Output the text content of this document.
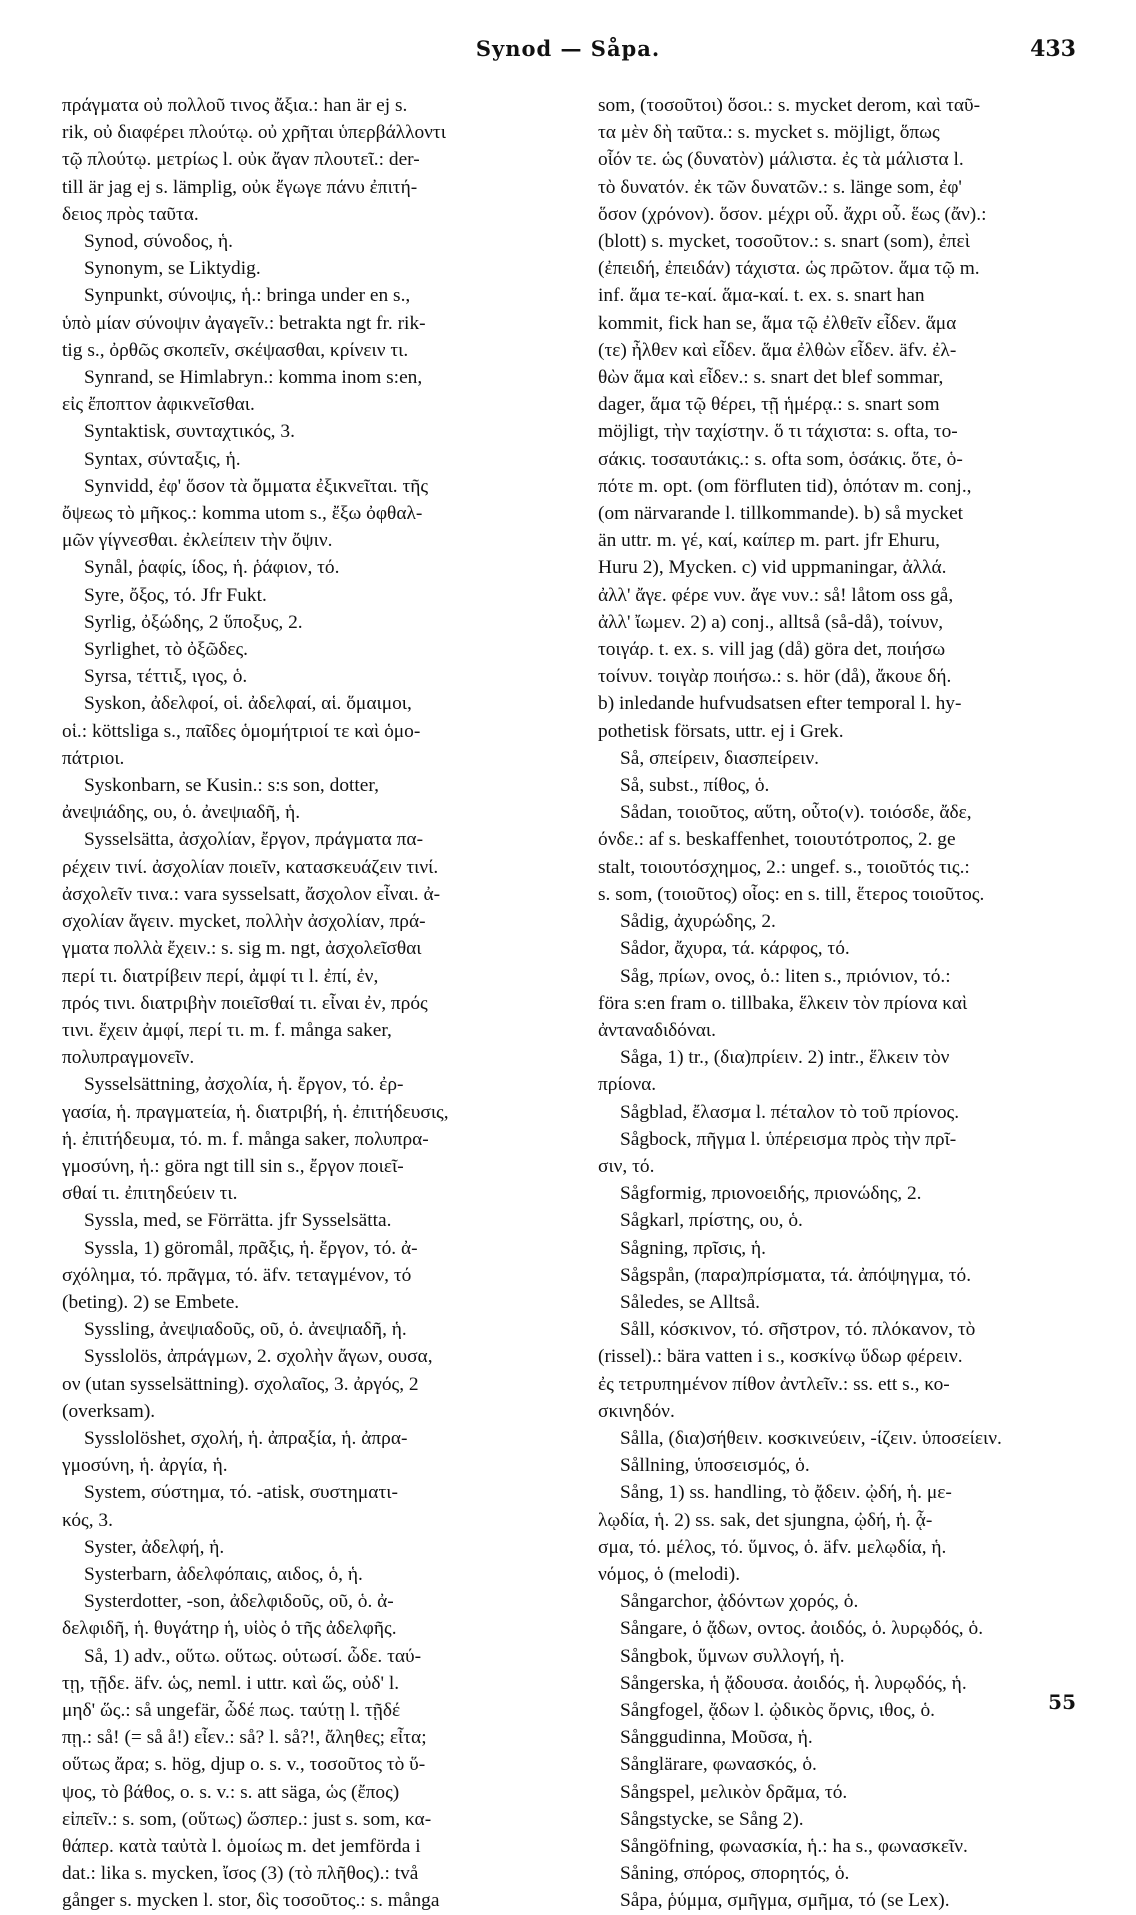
Synod — Såpa.	433
πράγματα οὐ πολλοῦ τινος ἄξια.: han är ej s.
rik, οὐ διαφέρει πλούτῳ. οὐ χρῆται ὑπερβάλλοντι
τῷ πλούτῳ. μετρίως l. οὐκ ἄγαν πλουτεῖ.: der-
till är jag ej s. lämplig, οὐκ ἔγωγε πάνυ ἐπιτή-
δειος πρὸς ταῦτα.
Synod, σύνοδος, ἡ.
Synonym, se Liktydig.
Synpunkt, σύνοψις, ἡ.: bringa under en s.,
ὑπὸ μίαν σύνοψιν ἀγαγεῖν.: betrakta ngt fr. rik-
tig s., ὀρθῶς σκοπεῖν, σκέψασθαι, κρίνειν τι.
Synrand, se Himlabryn.: komma inom s:en,
εἰς ἔποπτον ἀφικνεῖσθαι.
Syntaktisk, συνταχτικός, 3.
Syntax, σύνταξις, ἡ.
Synvidd, ἐφ' ὅσον τὰ ὄμματα ἐξικνεῖται. τῆς
ὄψεως τὸ μῆκος.: komma utom s., ἔξω ὀφθαλ-
μῶν γίγνεσθαι. ἐκλείπειν τὴν ὄψιν.
Synål, ῥαφίς, ίδος, ἡ. ῥάφιον, τό.
Syre, ὄξος, τό. Jfr Fukt.
Syrlig, ὀξώδης, 2 ὕποξυς, 2.
Syrlighet, τὸ ὀξῶδες.
Syrsa, τέττιξ, ιγος, ὁ.
Syskon, ἀδελφοί, οἱ. ἀδελφαί, αἱ. ὅμαιμοι,
οἱ.: köttsliga s., παῖδες ὁμομήτριοί τε καὶ ὁμο-
πάτριοι.
Syskonbarn, se Kusin.: s:s son, dotter,
ἀνεψιάδης, ου, ὁ. ἀνεψιαδῆ, ἡ.
Sysselsätta, ἀσχολίαν, ἔργον, πράγματα πα-
ρέχειν τινί. ἀσχολίαν ποιεῖν, κατασκευάζειν τινί.
ἀσχολεῖν τινα.: vara sysselsatt, ἄσχολον εἶναι. ἀ-
σχολίαν ἄγειν. mycket, πολλὴν ἀσχολίαν, πρά-
γματα πολλὰ ἔχειν.: s. sig m. ngt, ἀσχολεῖσθαι
περί τι. διατρίβειν περί, ἀμφί τι l. ἐπί, ἐν,
πρός τινι. διατριβὴν ποιεῖσθαί τι. εἶναι ἐν, πρός
τινι. ἔχειν ἀμφί, περί τι. m. f. många saker,
πολυπραγμονεῖν.
Sysselsättning, ἀσχολία, ἡ. ἔργον, τό. ἐρ-
γασία, ἡ. πραγματεία, ἡ. διατριβή, ἡ. ἐπιτήδευσις,
ἡ. ἐπιτήδευμα, τό. m. f. många saker, πολυπρα-
γμοσύνη, ἡ.: göra ngt till sin s., ἔργον ποιεῖ-
σθαί τι. ἐπιτηδεύειν τι.
Syssla, med, se Förrätta. jfr Sysselsätta.
Syssla, 1) göromål, πρᾶξις, ἡ. ἔργον, τό. ἀ-
σχόλημα, τό. πρᾶγμα, τό. äfv. τεταγμένον, τό
(beting). 2) se Embete.
Syssling, ἀνεψιαδοῦς, οῦ, ὁ. ἀνεψιαδῆ, ἡ.
Sysslolös, ἀπράγμων, 2. σχολὴν ἄγων, ουσα,
ον (utan sysselsättning). σχολαῖος, 3. ἀργός, 2
(overksam).
Sysslolöshet, σχολή, ἡ. ἀπραξία, ἡ. ἀπρα-
γμοσύνη, ἡ. ἀργία, ἡ.
System, σύστημα, τό. -atisk, συστηματι-
κός, 3.
Syster, ἀδελφή, ἡ.
Systerbarn, ἀδελφόπαις, αιδος, ὁ, ἡ.
Systerdotter, -son, ἀδελφιδοῦς, οῦ, ὁ. ἀ-
δελφιδῆ, ἡ. θυγάτηρ ἡ, υἱὸς ὁ τῆς ἀδελφῆς.
Så, 1) adv., οὕτω. οὕτως. οὑτωσί. ὧδε. ταύ-
τῃ, τῇδε. äfv. ὡς, neml. i uttr. καὶ ὥς, οὐδ' l.
μηδ' ὥς.: så ungefär, ὧδέ πως. ταύτῃ l. τῇδέ
πῃ.: så! (= så å!) εἶεν.: så? l. så?!, ἄληθες; εἶτα;
οὕτως ἄρα; s. hög, djup o. s. v., τοσοῦτος τὸ ὕ-
ψος, τὸ βάθος, o. s. v.: s. att säga, ὡς (ἔπος)
εἰπεῖν.: s. som, (οὕτως) ὥσπερ.: just s. som, κα-
θάπερ. κατὰ ταὐτὰ l. ὁμοίως m. det jemförda i
dat.: lika s. mycken, ἴσος (3) (τὸ πλῆθος).: två
gånger s. mycken l. stor, δὶς τοσοῦτος.: s. många
som, (τοσοῦτοι) ὅσοι.: s. mycket derom, καὶ ταῦ-
τα μὲν δὴ ταῦτα.: s. mycket s. möjligt, ὅπως
οἷόν τε. ὡς (δυνατὸν) μάλιστα. ἐς τὰ μάλιστα l.
τὸ δυνατόν. ἐκ τῶν δυνατῶν.: s. länge som, ἐφ'
ὅσον (χρόνον). ὅσον. μέχρι οὗ. ἄχρι οὗ. ἕως (ἄν).:
(blott) s. mycket, τοσοῦτον.: s. snart (som), ἐπεὶ
(ἐπειδή, ἐπειδάν) τάχιστα. ὡς πρῶτον. ἅμα τῷ m.
inf. ἅμα τε-καί. ἅμα-καί. t. ex. s. snart han
kommit, fick han se, ἅμα τῷ ἐλθεῖν εἶδεν. ἅμα
(τε) ἦλθεν καὶ εἶδεν. ἅμα ἐλθὼν εἶδεν. äfv. ἐλ-
θὼν ἅμα καὶ εἶδεν.: s. snart det blef sommar,
dager, ἅμα τῷ θέρει, τῇ ἡμέρᾳ.: s. snart som
möjligt, τὴν ταχίστην. ὅ τι τάχιστα: s. ofta, το-
σάκις. τοσαυτάκις.: s. ofta som, ὁσάκις. ὅτε, ὁ-
πότε m. opt. (om förfluten tid), ὁπόταν m. conj.,
(om närvarande l. tillkommande). b) så mycket
än uttr. m. γέ, καί, καίπερ m. part. jfr Ehuru,
Huru 2), Mycken. c) vid uppmaningar, ἀλλά.
ἀλλ' ἄγε. φέρε νυν. ἄγε νυν.: så! låtom oss gå,
ἀλλ' ἴωμεν. 2) a) conj., alltså (så-då), τοίνυν,
τοιγάρ. t. ex. s. vill jag (då) göra det, ποιήσω
τοίνυν. τοιγὰρ ποιήσω.: s. hör (då), ἄκουε δή.
b) inledande hufvudsatsen efter temporal l. hy-
pothetisk försats, uttr. ej i Grek.
Så, σπείρειν, διασπείρειν.
Så, subst., πίθος, ὁ.
Sådan, τοιοῦτος, αὕτη, οὗτο(ν). τοιόσδε, ἄδε,
όνδε.: af s. beskaffenhet, τοιουτότροπος, 2. ge
stalt, τοιουτόσχημος, 2.: ungef. s., τοιοῦτός τις.:
s. som, (τοιοῦτος) οἷος: en s. till, ἕτερος τοιοῦτος.
Sådig, ἀχυρώδης, 2.
Sådor, ἄχυρα, τά. κάρφος, τό.
Såg, πρίων, ονος, ὁ.: liten s., πριόνιον, τό.:
föra s:en fram o. tillbaka, ἕλκειν τὸν πρίονα καὶ
ἀνταναδιδόναι.
Såga, 1) tr., (δια)πρίειν. 2) intr., ἕλκειν τὸν
πρίονα.
Sågblad, ἔλασμα l. πέταλον τὸ τοῦ πρίονος.
Sågbock, πῆγμα l. ὑπέρεισμα πρὸς τὴν πρῖ-
σιν, τό.
Sågformig, πριονοειδής, πριονώδης, 2.
Sågkarl, πρίστης, ου, ὁ.
Sågning, πρῖσις, ἡ.
Sågspån, (παρα)πρίσματα, τά. ἀπόψηγμα, τό.
Således, se Alltså.
Såll, κόσκινον, τό. σῆστρον, τό. πλόκανον, τὸ
(rissel).: bära vatten i s., κοσκίνῳ ὕδωρ φέρειν.
ἐς τετρυπημένον πίθον ἀντλεῖν.: ss. ett s., κο-
σκινηδόν.
Sålla, (δια)σήθειν. κοσκινεύειν, -ίζειν. ὑποσείειν.
Sållning, ὑποσεισμός, ὁ.
Sång, 1) ss. handling, τὸ ᾄδειν. ᾠδή, ἡ. με-
λῳδία, ἡ. 2) ss. sak, det sjungna, ᾠδή, ἡ. ᾆ-
σμα, τό. μέλος, τό. ὕμνος, ὁ. äfv. μελῳδία, ἡ.
νόμος, ὁ (melodi).
Sångarchor, ᾀδόντων χορός, ὁ.
Sångare, ὁ ᾄδων, οντος. ἀοιδός, ὁ. λυρῳδός, ὁ.
Sångbok, ὕμνων συλλογή, ἡ.
Sångerska, ἡ ᾄδουσα. ἀοιδός, ἡ. λυρῳδός, ἡ.
Sångfogel, ᾄδων l. ᾠδικὸς ὄρνις, ιθος, ὁ.
Sånggudinna, Μοῦσα, ἡ.
Sånglärare, φωνασκός, ὁ.
Sångspel, μελικὸν δρᾶμα, τό.
Sångstycke, se Sång 2).
Sångöfning, φωνασκία, ἡ.: ha s., φωνασκεῖν.
Såning, σπόρος, σπορητός, ὁ.
Såpa, ῥύμμα, σμῆγμα, σμῆμα, τό (se Lex).
55
